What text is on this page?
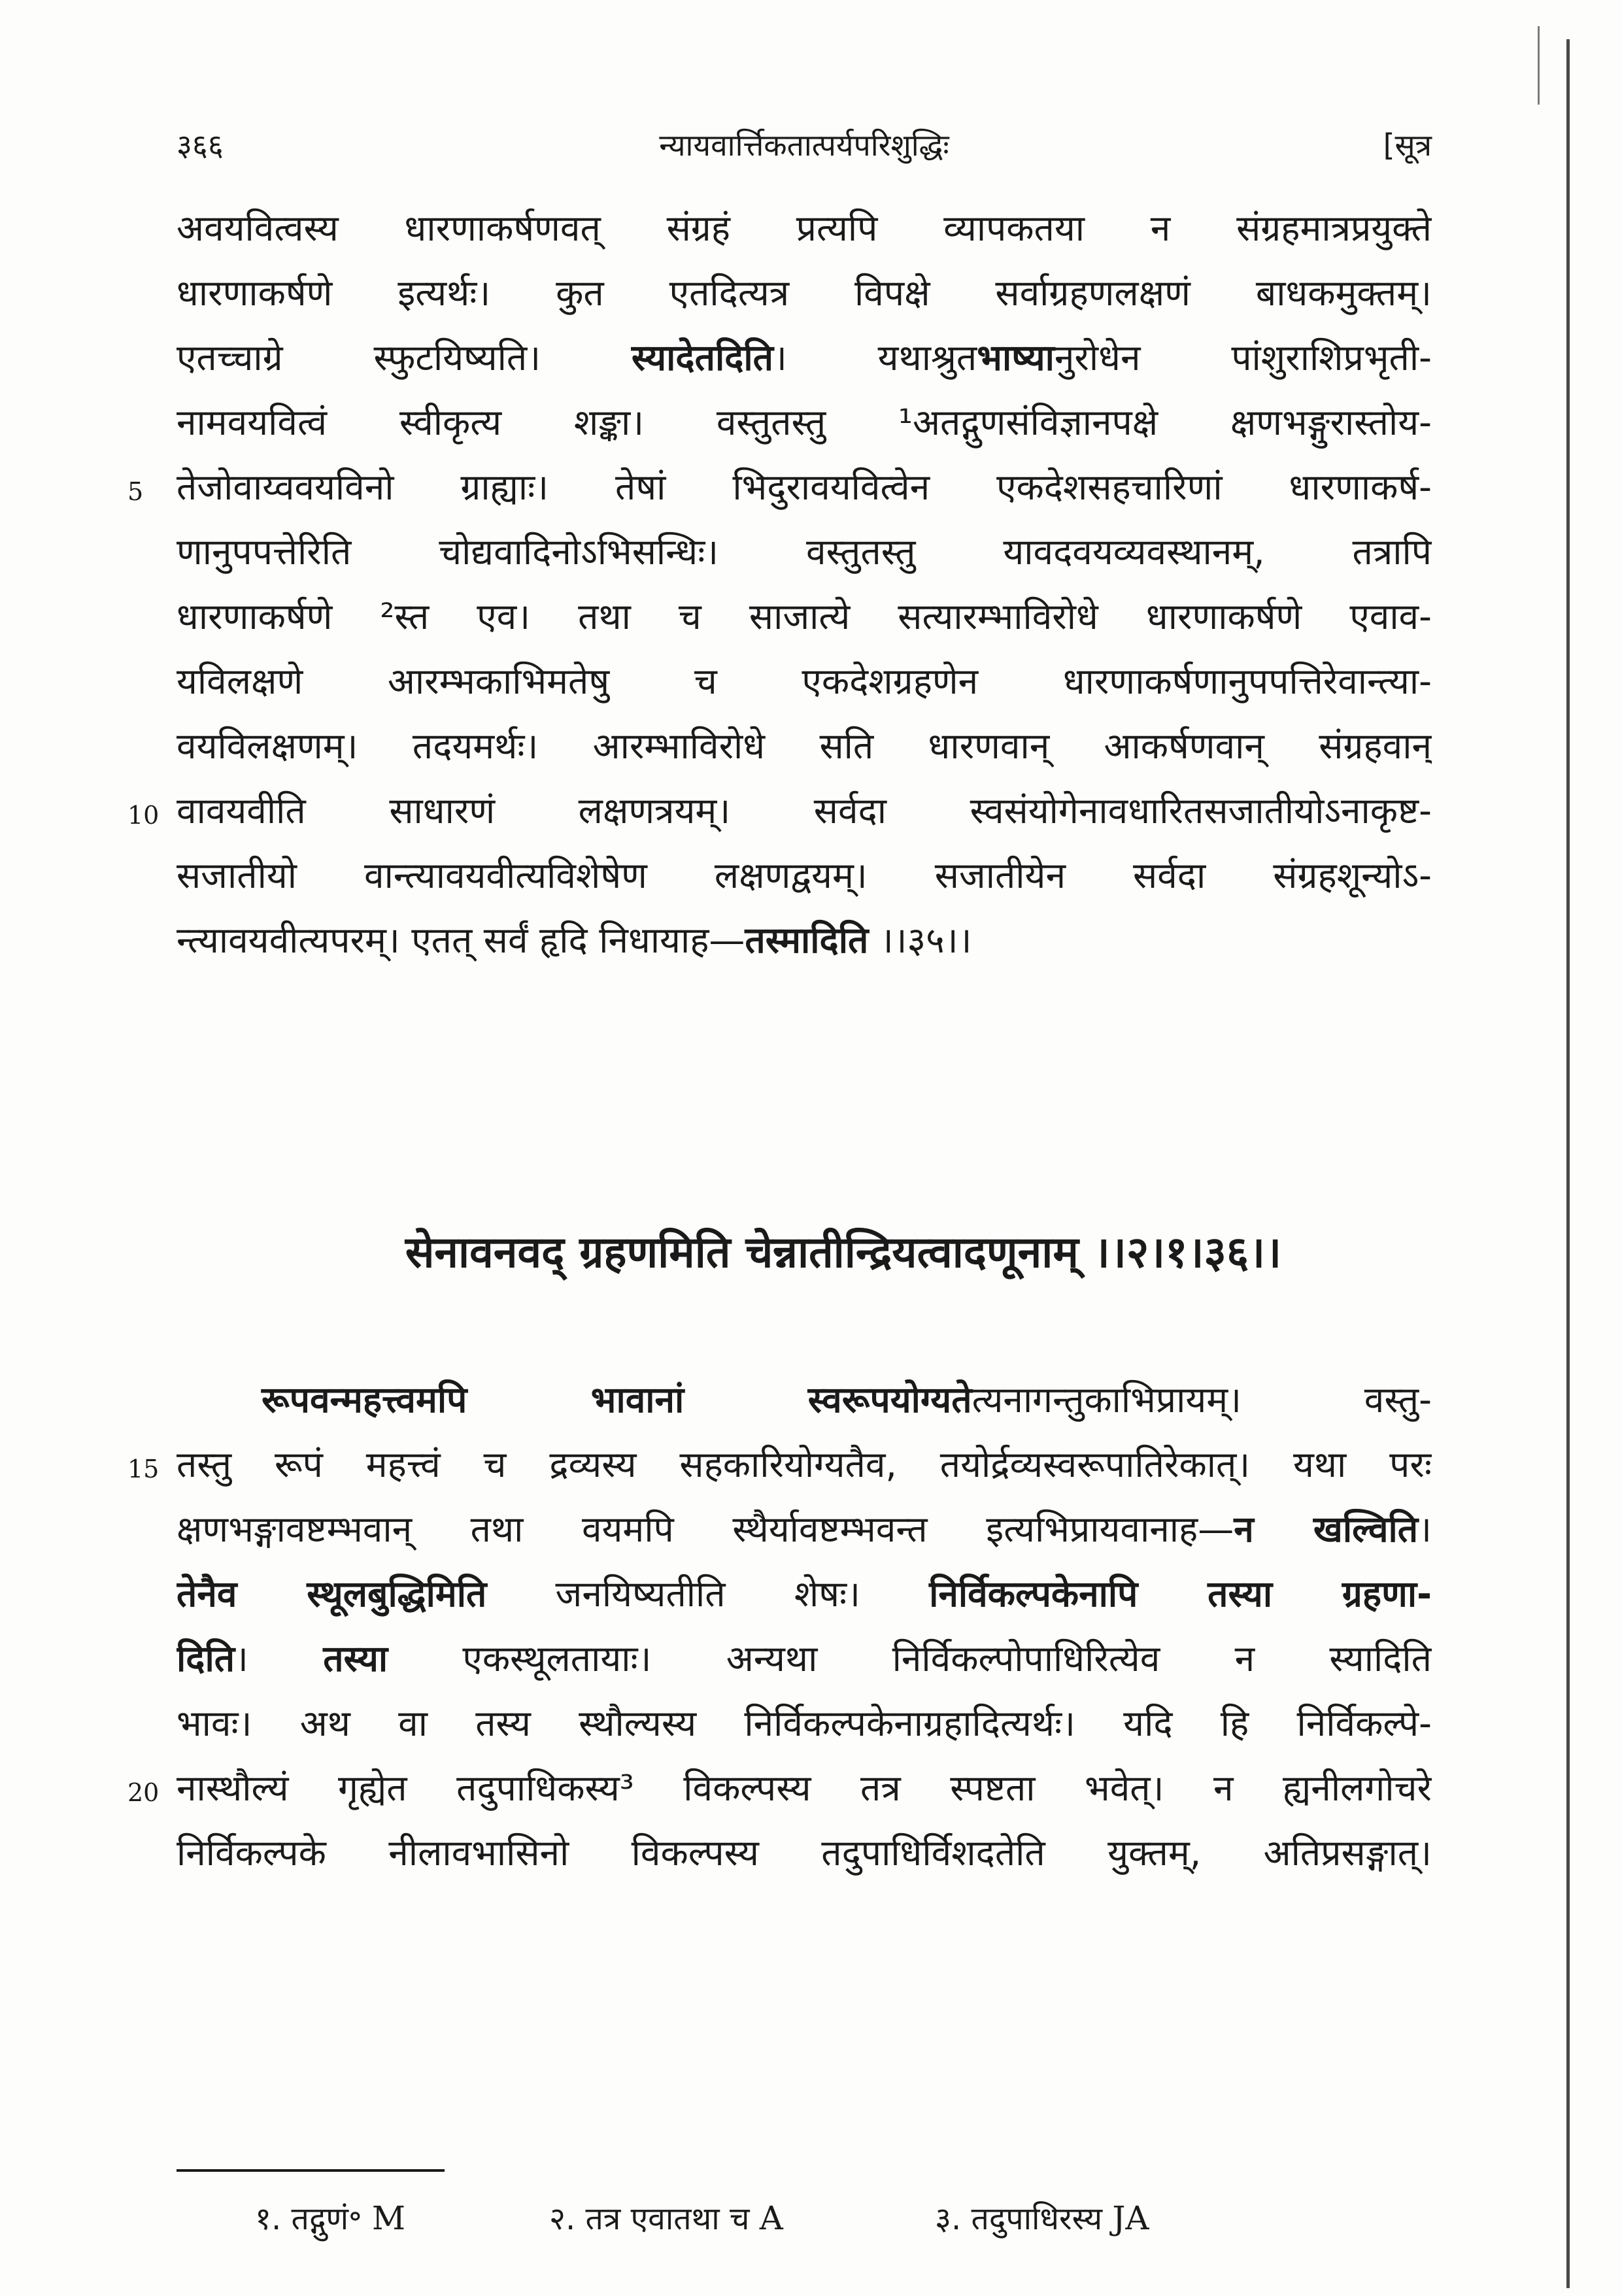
३६६	न्यायवार्त्तिकतात्पर्यपरिशुद्धिः	[सूत्र
अवयवित्वस्य धारणाकर्षणवत् संग्रहं प्रत्यपि व्यापकतया न संग्रहमात्रप्रयुक्ते
धारणाकर्षणे इत्यर्थः। कुत एतदित्यत्र विपक्षे सर्वाग्रहणलक्षणं बाधकमुक्तम्।
एतच्चाग्रे स्फुटयिष्यति। स्यादेतदिति। यथाश्रुतभाष्यानुरोधेन पांशुराशिप्रभृती-
नामवयवित्वं स्वीकृत्य शङ्का। वस्तुतस्तु ¹अतद्गुणसंविज्ञानपक्षे क्षणभङ्गुरास्तोय-
तेजोवाय्ववयविनो ग्राह्याः। तेषां भिदुरावयवित्वेन एकदेशसहचारिणां धारणाकर्ष-
णानुपपत्तेरिति चोद्यवादिनोऽभिसन्धिः। वस्तुतस्तु यावदवयव्यवस्थानम्, तत्रापि
धारणाकर्षणे ²स्त एव। तथा च साजात्ये सत्यारम्भाविरोधे धारणाकर्षणे एवाव-
यविलक्षणे आरम्भकाभिमतेषु च एकदेशग्रहणेन धारणाकर्षणानुपपत्तिरेवान्त्या-
वयविलक्षणम्। तदयमर्थः। आरम्भाविरोधे सति धारणवान् आकर्षणवान् संग्रहवान्
वावयवीति साधारणं लक्षणत्रयम्। सर्वदा स्वसंयोगेनावधारितसजातीयोऽनाकृष्ट-
सजातीयो वान्त्यावयवीत्यविशेषेण लक्षणद्वयम्। सजातीयेन सर्वदा संग्रहशून्योऽ-
न्त्यावयवीत्यपरम्। एतत् सर्वं हृदि निधायाह—तस्मादिति ।।३५।।
सेनावनवद् ग्रहणमिति चेन्नातीन्द्रियत्वादणूनाम् ।।२।१।३६।।
रूपवन्महत्त्वमपि भावानां स्वरूपयोग्यतेत्यनागन्तुकाभिप्रायम्। वस्तु-
तस्तु रूपं महत्त्वं च द्रव्यस्य सहकारियोग्यतैव, तयोर्द्रव्यस्वरूपातिरेकात्। यथा परः
क्षणभङ्गावष्टम्भवान् तथा वयमपि स्थैर्यावष्टम्भवन्त इत्यभिप्रायवानाह—न खल्विति।
तेनैव स्थूलबुद्धिमिति जनयिष्यतीति शेषः। निर्विकल्पकेनापि तस्या ग्रहणा-
दिति। तस्या एकस्थूलतायाः। अन्यथा निर्विकल्पोपाधिरित्येव न स्यादिति
भावः। अथ वा तस्य स्थौल्यस्य निर्विकल्पकेनाग्रहादित्यर्थः। यदि हि निर्विकल्पे-
नास्थौल्यं गृह्येत तदुपाधिकस्य³ विकल्पस्य तत्र स्पष्टता भवेत्। न ह्यनीलगोचरे
निर्विकल्पके नीलावभासिनो विकल्पस्य तदुपाधिर्विशदतेति युक्तम्, अतिप्रसङ्गात्।
१. तद्गुणं॰ M	२. तत्र एवातथा च A	३. तदुपाधिरस्य JA
5
10
15
20
